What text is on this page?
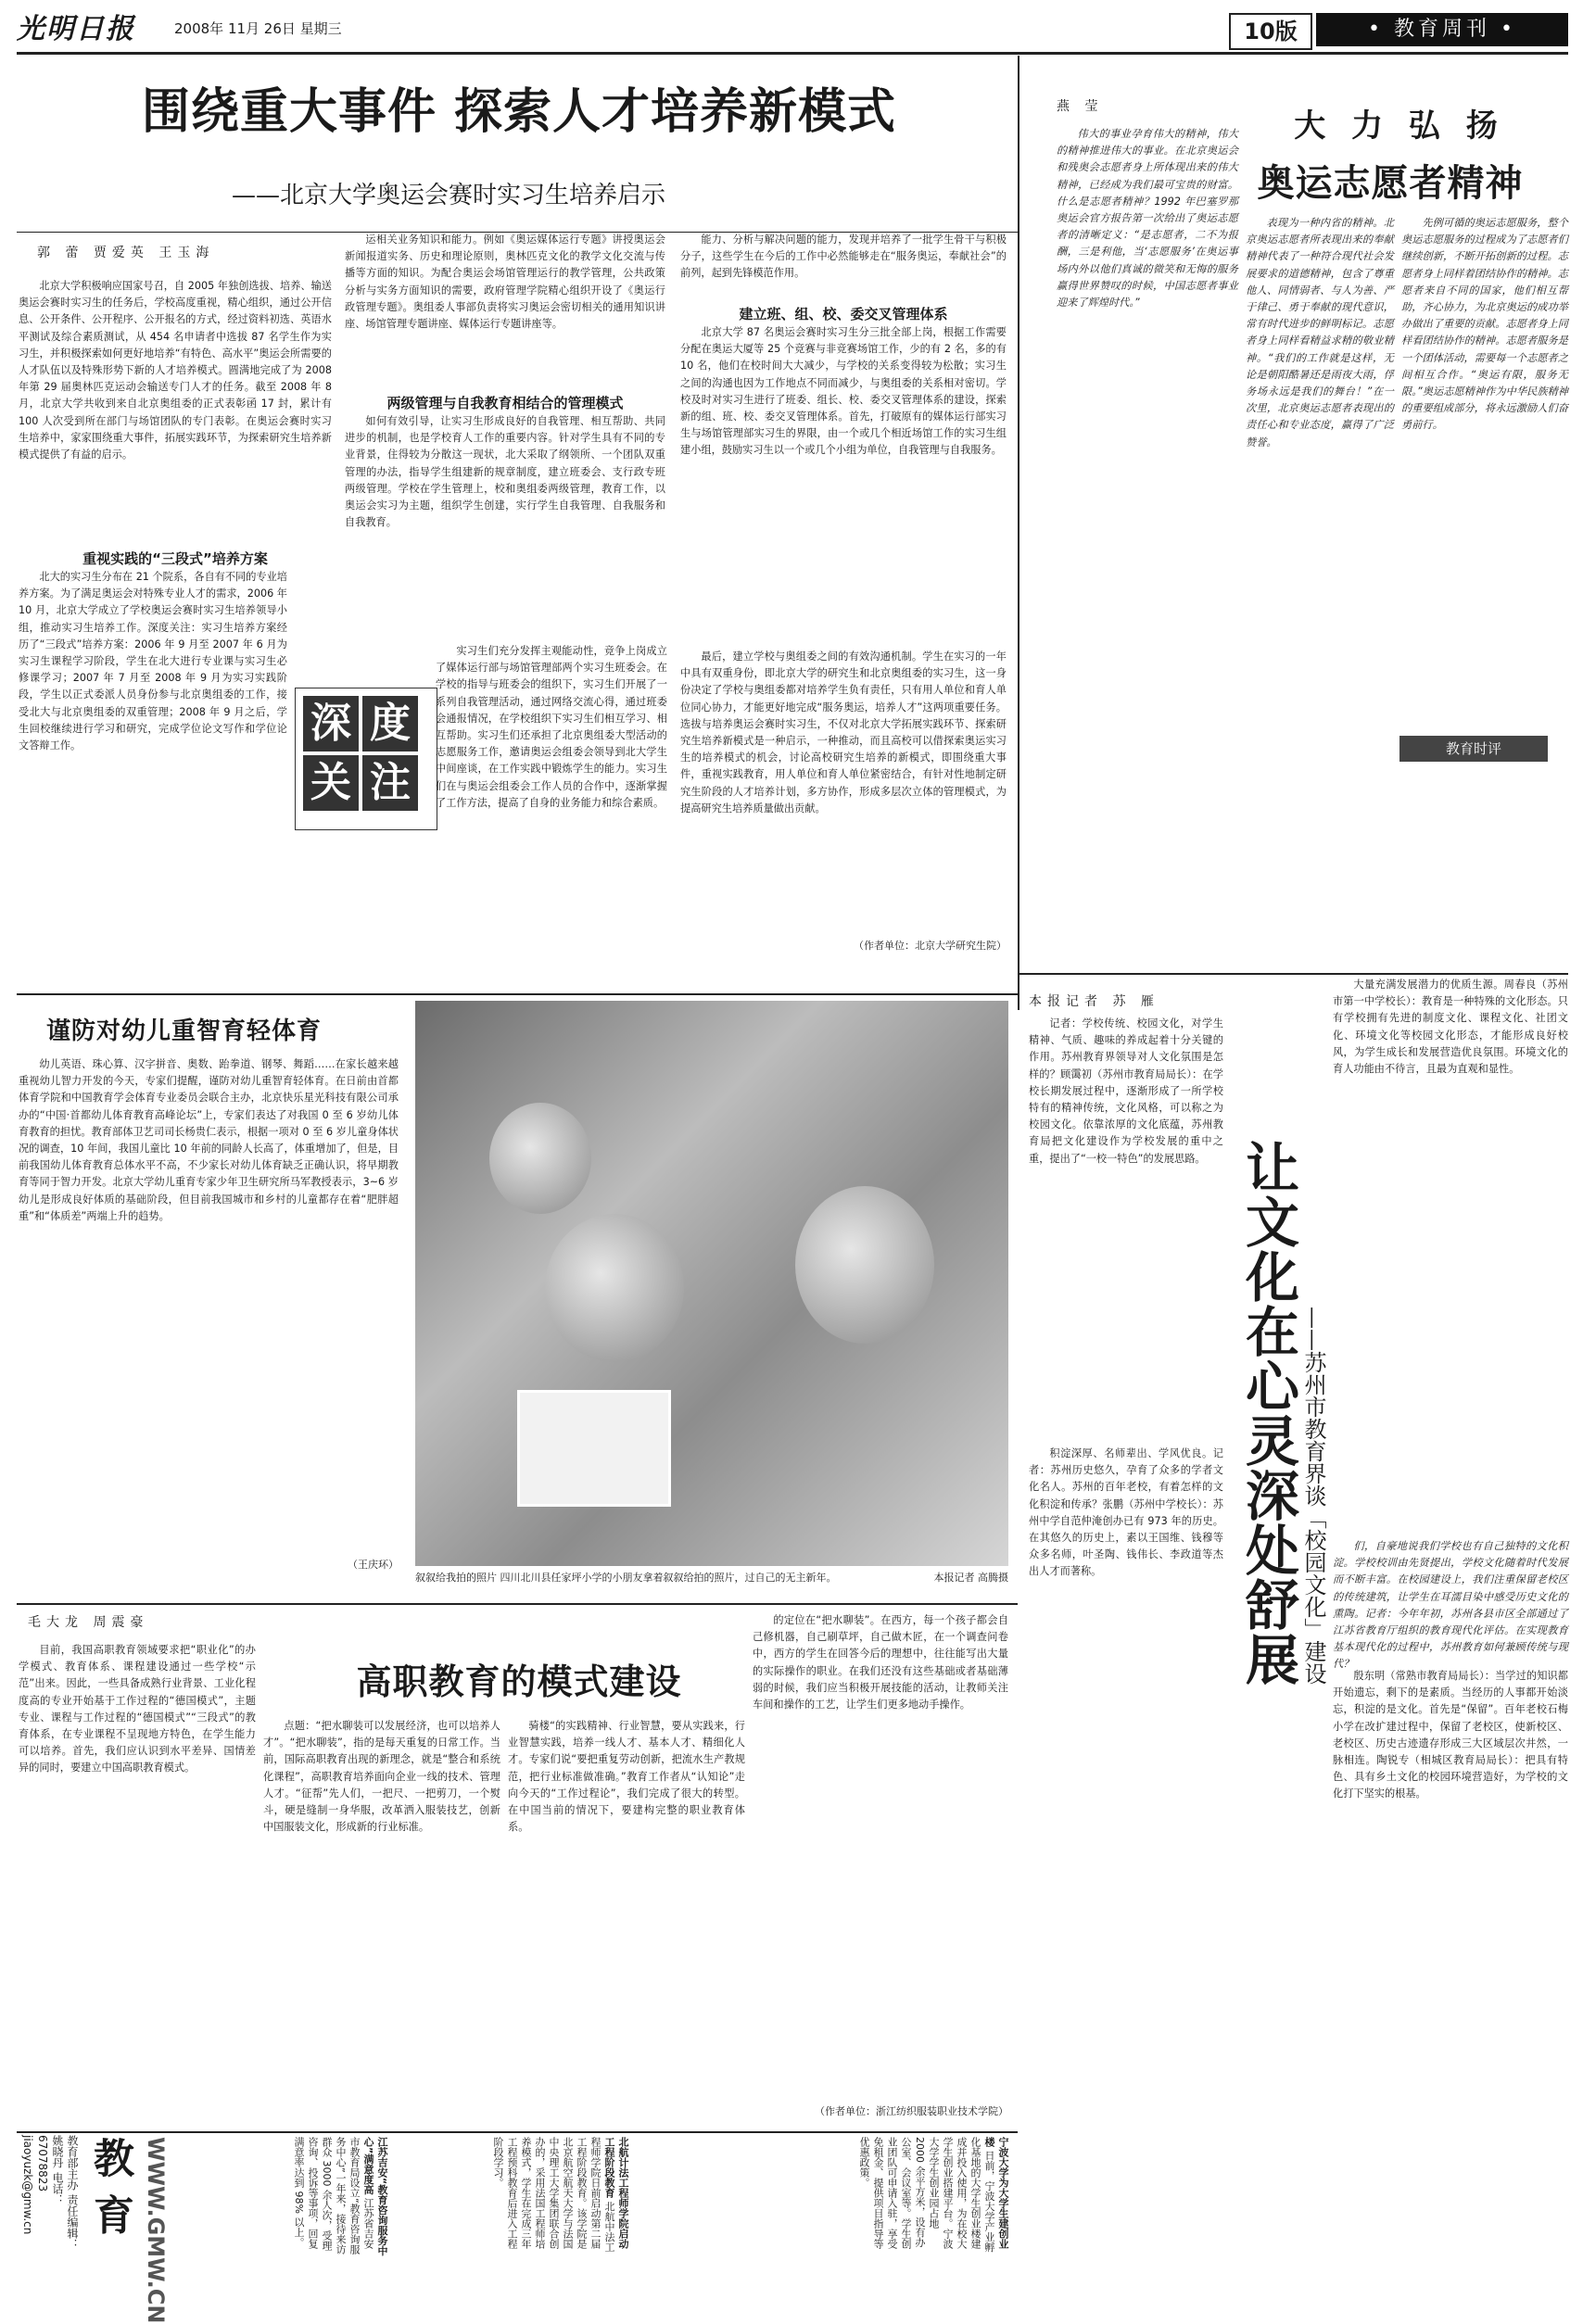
光明日报	2008年 11月 26日 星期三	10版	• 教育周刊 •
围绕重大事件 探索人才培养新模式
——北京大学奥运会赛时实习生培养启示
郭 蕾 贾爱英 王玉海

北京大学积极响应国家号召，自 2005 年独创选拔、培养、输送奥运会赛时实习生的任务后，学校高度重视，精心组织，通过公开信息、公开条件、公开程序、公开报名的方式，经过资料初选、英语水平测试及综合素质测试，从 454 名申请者中选拔 87 名学生作为实习生，并积极探索如何更好地培养“有特色、高水平”奥运会所需要的人才队伍以及特殊形势下新的人才培养模式。圆满地完成了为 2008 年第 29 届奥林匹克运动会输送专门人才的任务。截至 2008 年 8 月，北京大学共收到来自北京奥组委的正式表彰函 17 封，累计有 100 人次受到所在部门与场馆团队的专门表彰。在奥运会赛时实习生培养中，家家围绕重大事件，拓展实践环节，为探索研究生培养新模式提供了有益的启示。

重视实践的“三段式”培养方案

北大的实习生分布在 21 个院系，各自有不同的专业培养方案。为了满足奥运会对特殊专业人才的需求，2006 年 10 月，北京大学成立了学校奥运会赛时实习生培养领导小组，推动实习生培养工作。深度关注：实习生培养方案经历了“三段式”培养方案：2006 年 9 月至 2007 年 6 月为实习生课程学习阶段，学生在北大进行专业课与实习生必修课学习；2007 年 7 月至 2008 年 9 月为实习实践阶段，学生以正式委派人员身份参与北京奥组委的工作，接受北大与北京奥组委的双重管理；2008 年 9 月之后，学生回校继续进行学习和研究，完成学位论文写作和学位论文答辩工作。	深 度关 注

运相关业务知识和能力。例如《奥运媒体运行专题》讲授奥运会新闻报道实务、历史和理论原则，奥林匹克文化的教学文化交流与传播等方面的知识。为配合奥运会场馆管理运行的教学管理，公共政策分析与实务方面知识的需要，政府管理学院精心组织开设了《奥运行政管理专题》。奥组委人事部负责将实习奥运会密切相关的通用知识讲座、场馆管理专题讲座、媒体运行专题讲座等。

两级管理与自我教育相结合的管理模式

如何有效引导，让实习生形成良好的自我管理、相互帮助、共同进步的机制，也是学校育人工作的重要内容。针对学生具有不同的专业背景，住得较为分散这一现状，北大采取了纲领所、一个团队双重管理的办法，指导学生组建新的规章制度，建立班委会、支行政专班两级管理。学校在学生管理上，校和奥组委两级管理，教育工作，以奥运会实习为主题，组织学生创建，实行学生自我管理、自我服务和自我教育。

实习生们充分发挥主观能动性，竞争上岗成立了媒体运行部与场馆管理部两个实习生班委会。在学校的指导与班委会的组织下，实习生们开展了一系列自我管理活动，通过网络交流心得，通过班委会通报情况，在学校组织下实习生们相互学习、相互帮助。实习生们还承担了北京奥组委大型活动的志愿服务工作，邀请奥运会组委会领导到北大学生中间座谈，在工作实践中锻炼学生的能力。实习生们在与奥运会组委会工作人员的合作中，逐渐掌握了工作方法，提高了自身的业务能力和综合素质。

能力、分析与解决问题的能力，发现并培养了一批学生骨干与积极分子，这些学生在今后的工作中必然能够走在“服务奥运，奉献社会”的前列，起到先锋模范作用。

建立班、组、校、委交叉管理体系

北京大学 87 名奥运会赛时实习生分三批全部上岗，根据工作需要分配在奥运大厦等 25 个竞赛与非竞赛场馆工作，少的有 2 名，多的有 10 名，他们在校时间大大减少，与学校的关系变得较为松散；实习生之间的沟通也因为工作地点不同而减少，与奥组委的关系相对密切。学校及时对实习生进行了班委、组长、校、委交叉管理体系的建设，探索新的组、班、校、委交叉管理体系。首先，打破原有的媒体运行部实习生与场馆管理部实习生的界限，由一个或几个相近场馆工作的实习生组建小组，鼓励实习生以一个或几个小组为单位，自我管理与自我服务。

最后，建立学校与奥组委之间的有效沟通机制。学生在实习的一年中具有双重身份，即北京大学的研究生和北京奥组委的实习生，这一身份决定了学校与奥组委都对培养学生负有责任，只有用人单位和育人单位同心协力，才能更好地完成“服务奥运，培养人才”这两项重要任务。选拔与培养奥运会赛时实习生，不仅对北京大学拓展实践环节、探索研究生培养新模式是一种启示，一种推动，而且高校可以借探索奥运实习生的培养模式的机会，讨论高校研究生培养的新模式，即围绕重大事件，重视实践教育，用人单位和育人单位紧密结合，有针对性地制定研究生阶段的人才培养计划，多方协作，形成多层次立体的管理模式，为提高研究生培养质量做出贡献。

（作者单位：北京大学研究生院）
燕 莹
大 力 弘 扬
奥运志愿者精神

伟大的事业孕育伟大的精神，伟大的精神推进伟大的事业。在北京奥运会和残奥会志愿者身上所体现出来的伟大精神，已经成为我们最可宝贵的财富。什么是志愿者精神？1992 年巴塞罗那奥运会官方报告第一次给出了奥运志愿者的清晰定义：“是志愿者，二不为报酬，三是利他，当‘志愿服务’在奥运事场内外以他们真诚的微笑和无悔的服务赢得世界赞叹的时候，中国志愿者事业迎来了辉煌时代。”

表现为一种内省的精神。北京奥运志愿者所表现出来的奉献精神代表了一种符合现代社会发展要求的道德精神，包含了尊重他人、同情弱者、与人为善、严于律己、勇于奉献的现代意识，常有时代进步的鲜明标记。志愿者身上同样看精益求精的敬业精神。“我们的工作就是这样，无论是朝阳酷暑还是雨夜大雨，俘务场永远是我们的舞台！”在一次里，北京奥运志愿者表现出的责任心和专业态度，赢得了广泛赞誉。

先例可循的奥运志愿服务，整个奥运志愿服务的过程成为了志愿者们继续创新，不断开拓创新的过程。志愿者身上同样着团结协作的精神。志愿者来自不同的国家，他们相互帮助，齐心协力，为北京奥运的成功举办做出了重要的贡献。志愿者身上同样看团结协作的精神。志愿者服务是一个团体活动，需要每一个志愿者之间相互合作。“奥运有限，服务无限。”奥运志愿精神作为中华民族精神的重要组成部分，将永远激励人们奋勇前行。

教育时评
谨防对幼儿重智育轻体育

幼儿英语、珠心算、汉字拼音、奥数、跆拳道、钢琴、舞蹈……在家长越来越重视幼儿智力开发的今天，专家们提醒，谨防对幼儿重智育轻体育。在日前由首都体育学院和中国教育学会体育专业委员会联合主办，北京快乐星光科技有限公司承办的“中国·首都幼儿体育教育高峰论坛”上，专家们表达了对我国 0 至 6 岁幼儿体育教育的担忧。教育部体卫艺司司长杨贵仁表示，根据一项对 0 至 6 岁儿童身体状况的调查，10 年间，我国儿童比 10 年前的同龄人长高了，体重增加了，但是，目前我国幼儿体育教育总体水平不高，不少家长对幼儿体育缺乏正确认识，将早期教育等同于智力开发。北京大学幼儿重育专家少年卫生研究所马军教授表示，3~6 岁幼儿是形成良好体质的基础阶段，但目前我国城市和乡村的儿童都存在着“肥胖超重”和“体质差”两端上升的趋势。

（王庆环）
叙叙给我拍的照片 四川北川县任家坪小学的小朋友拿着叙叙给拍的照片，过自己的无主新年。	本报记者 高腾摄
毛大龙 周震豪
高职教育的模式建设

目前，我国高职教育领域要求把“职业化”的办学模式、教育体系、课程建设通过一些学校“示范”出来。因此，一些具备成熟行业背景、工业化程度高的专业开始基于工作过程的“德国模式”，主题专业、课程与工作过程的“德国模式”“三段式”的教育体系，在专业课程不呈现地方特色，在学生能力可以培养。首先，我们应认识到水平差异、国情差异的同时，要建立中国高职教育模式。

点题：“把水聊装可以发展经济，也可以培养人才”。“把水聊装”，指的是每天重复的日常工作。当前，国际高职教育出现的新理念，就是“整合和系统化课程”，高职教育培养面向企业一线的技术、管理人才。“征帮”先人们，一把尺、一把剪刀，一个熨斗，硬是缝制一身华服，改革洒入服装技艺，创新中国服装文化，形成新的行业标准。

骑楼“的实践精神、行业智慧，要从实践来，行业智慧实践，培养一线人才、基本人才、精细化人才。专家们说“要把重复劳动创新，把流水生产教规范，把行业标准做准确。”教育工作者从“认知论”走向今天的“工作过程论”，我们完成了很大的转型。在中国当前的情况下，要建构完整的职业教育体系。

的定位在“把水聊装”。在西方，每一个孩子都会自己修机器，自己刷草坪，自己做木匠，在一个调查问卷中，西方的学生在回答今后的理想中，往往能写出大量的实际操作的职业。在我们还没有这些基础或者基础薄弱的时候，我们应当积极开展技能的活动，让教师关注车间和操作的工艺，让学生们更多地动手操作。

（作者单位：浙江纺织服装职业技术学院）
本报记者 苏 雁

记者：学校传统、校园文化，对学生精神、气质、趣味的养成起着十分关键的作用。苏州教育界领导对人文化氛围是怎样的？顾霭初（苏州市教育局局长）：在学校长期发展过程中，逐渐形成了一所学校特有的精神传统，文化风格，可以称之为校园文化。依靠浓厚的文化底蕴，苏州教育局把文化建设作为学校发展的重中之重，提出了“一校一特色”的发展思路。

积淀深厚、名师辈出、学风优良。记者：苏州历史悠久，孕育了众多的学者文化名人。苏州的百年老校，有着怎样的文化积淀和传承？张鹏（苏州中学校长）：苏州中学自范仲淹创办已有 973 年的历史。在其悠久的历史上，素以王国维、钱穆等众多名师，叶圣陶、钱伟长、李政道等杰出人才而著称。	让文化在心灵深处舒展 ——苏州市教育界谈「校园文化」建设

大量充满发展潜力的优质生源。周春良（苏州市第一中学校长）：教育是一种特殊的文化形态。只有学校拥有先进的制度文化、课程文化、社团文化、环境文化等校园文化形态，才能形成良好校风，为学生成长和发展营造优良氛围。环境文化的育人功能由不待言，且最为直观和显性。

们，自豪地说我们学校也有自己独特的文化积淀。学校校训由先贤提出，学校文化随着时代发展而不断丰富。在校园建设上，我们注重保留老校区的传统建筑，让学生在耳濡目染中感受历史文化的熏陶。记者：今年年初，苏州各县市区全部通过了江苏省教育厅组织的教育现代化评估。在实现教育基本现代化的过程中，苏州教育如何兼顾传统与现代？

殷东明（常熟市教育局局长）：当学过的知识都开始遗忘，剩下的是素质。当经历的人事都开始淡忘，积淀的是文化。首先是“保留”。百年老校石梅小学在改扩建过程中，保留了老校区，使新校区、老校区、历史古迹遗存形成三大区域层次井然，一脉相连。陶锐专（相城区教育局局长）：把具有特色、具有乡土文化的校园环境营造好，为学校的文化打下坚实的根基。

教育部主办 责任编辑：姚晓丹 电话：67078823 jiaoyuzk@gmw.cn	教 育 WWW.GMW.CN	江苏吉安“教育咨询服务中心”满意度高 江苏省吉安市教育局设立“教育咨询服务中心”一年来，接待来访群众 3000 余人次，受理咨询、投诉等事项，回复满意率达到 98% 以上。	北航计法工程师学院启动工程阶段教育 北航中法工程师学院日前启动第二届工程阶段教育。该学院是北京航空航天大学与法国中央理工大学集团联合创办的，采用法国工程师培养模式，学生在完成三年工程预科教育后进入工程阶段学习。	宁波大学为大学生建创业楼 日前，宁波大学产业孵化基地的大学生创业楼建成并投入使用，为在校大学生创业搭建平台。宁波大学学生创业园占地 2000 余平方米，设有办公室、会议室等。学生创业团队可申请入驻，享受免租金、提供项目指导等优惠政策。
